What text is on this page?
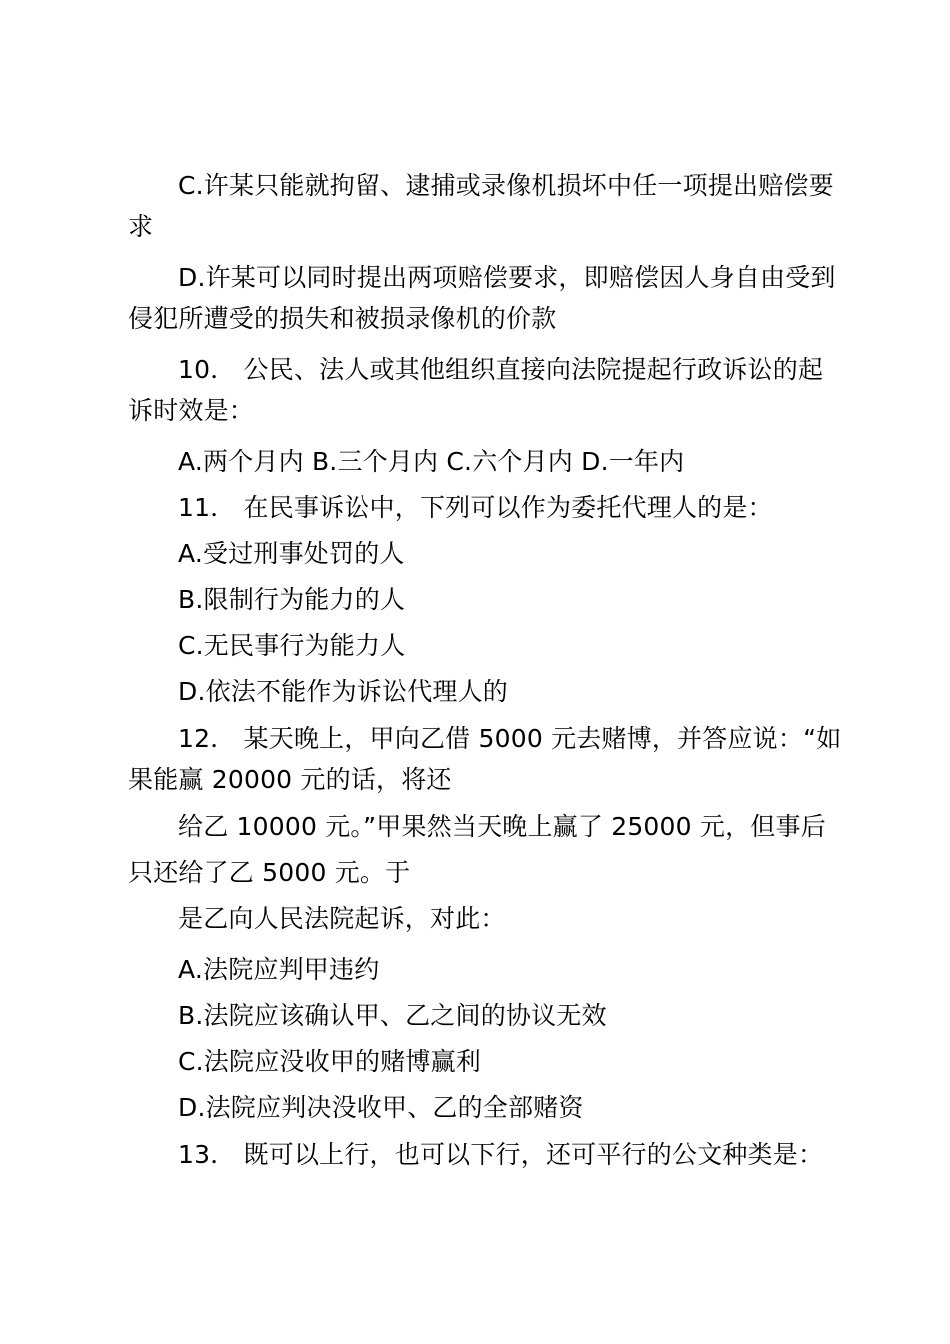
C.许某只能就拘留、逮捕或录像机损坏中任一项提出赔偿要
求
D.许某可以同时提出两项赔偿要求，即赔偿因人身自由受到
侵犯所遭受的损失和被损录像机的价款
10． 公民、法人或其他组织直接向法院提起行政诉讼的起
诉时效是：
A.两个月内 B.三个月内 C.六个月内 D.一年内
11． 在民事诉讼中，下列可以作为委托代理人的是：
A.受过刑事处罚的人
B.限制行为能力的人
C.无民事行为能力人
D.依法不能作为诉讼代理人的
12． 某天晚上，甲向乙借 5000 元去赌博，并答应说：“如
果能赢 20000 元的话，将还
给乙 10000 元。”甲果然当天晚上赢了 25000 元，但事后
只还给了乙 5000 元。于
是乙向人民法院起诉，对此：
A.法院应判甲违约
B.法院应该确认甲、乙之间的协议无效
C.法院应没收甲的赌博赢利
D.法院应判决没收甲、乙的全部赌资
13． 既可以上行，也可以下行，还可平行的公文种类是：
